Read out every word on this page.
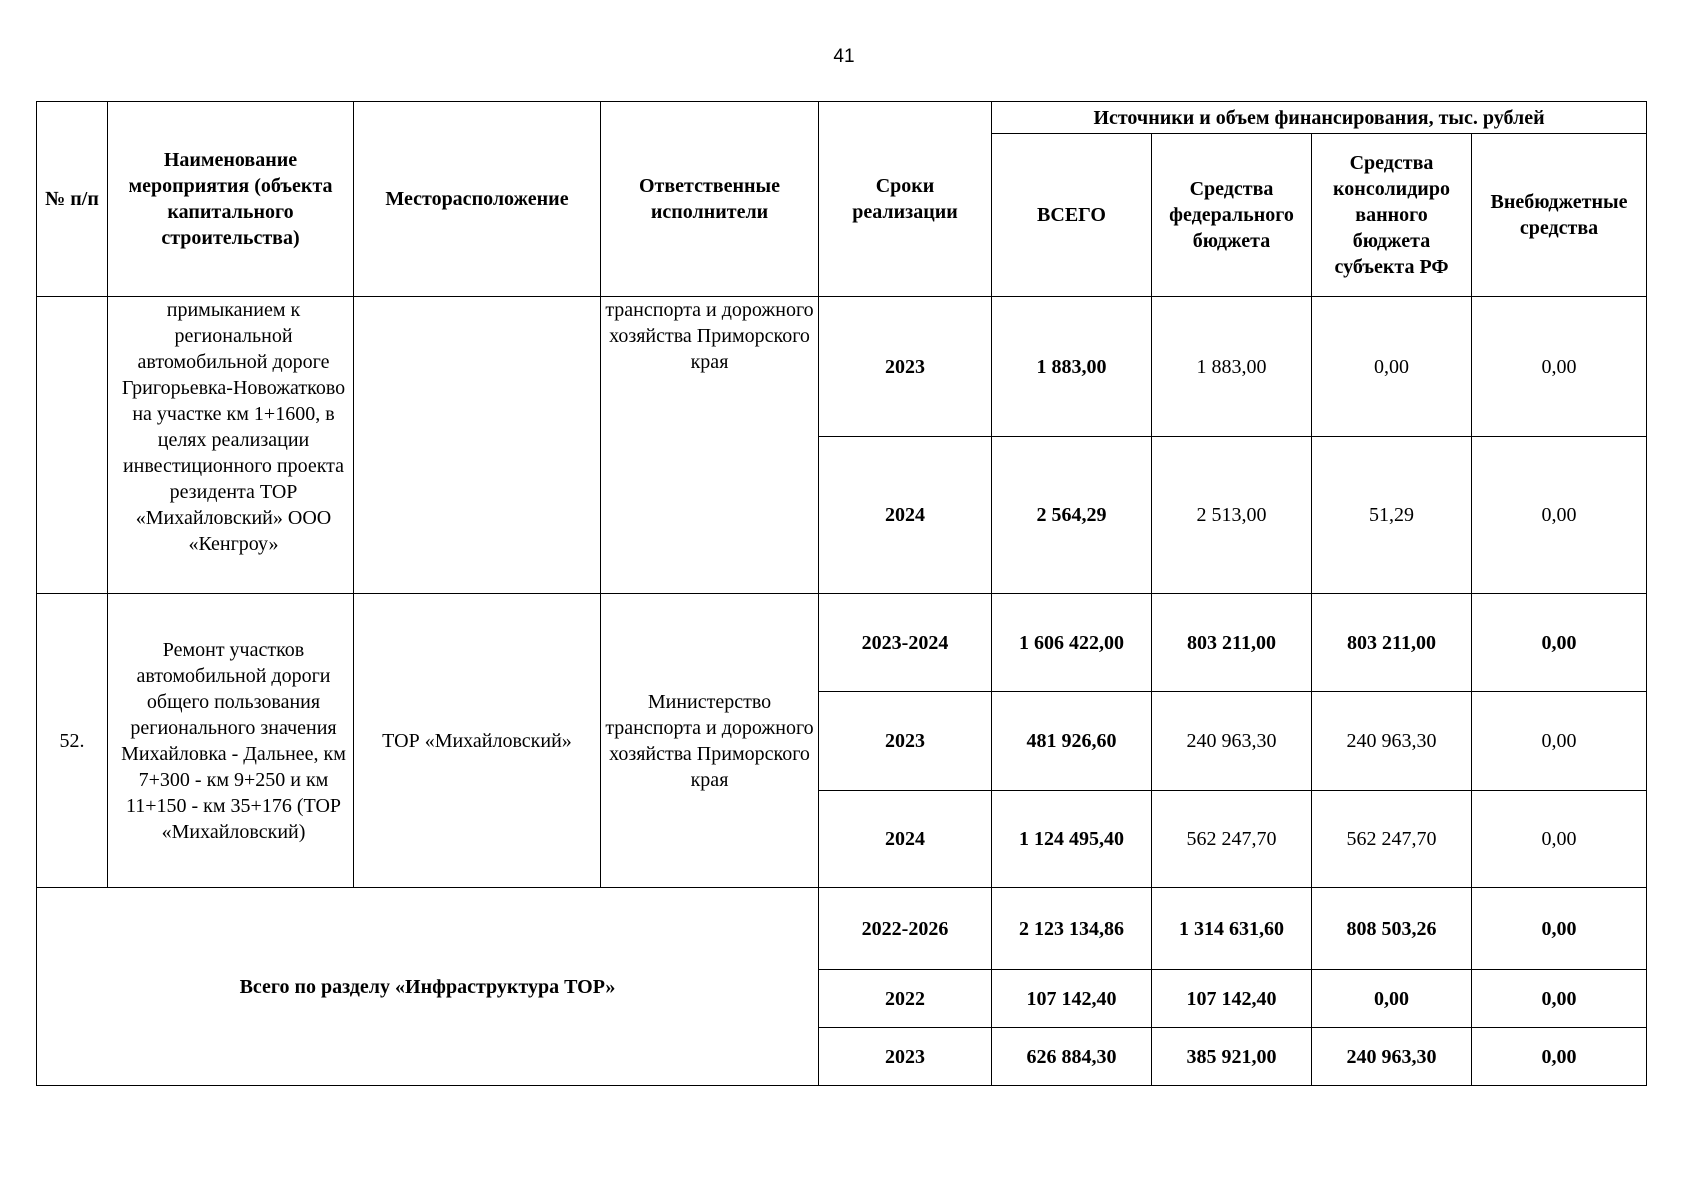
41
№ п/п	Наименование мероприятия (объекта капитального строительства)	Месторасположение	Ответственные исполнители	Сроки реализации	Источники и объем финансирования, тыс. рублей			
					ВСЕГО	Средства федерального бюджета	Средства консолидиро ванного бюджета субъекта РФ	Внебюджетные средства
	примыканием к региональной автомобильной дороге Григорьевка-Новожатково на участке км 1+1600, в целях реализации инвестиционного проекта резидента ТОР «Михайловский» ООО «Кенгроу»		транспорта и дорожного хозяйства Приморского края	2023	1 883,00	1 883,00	0,00	0,00
				2024	2 564,29	2 513,00	51,29	0,00
52.	Ремонт участков автомобильной дороги общего пользования регионального значения Михайловка - Дальнее, км 7+300 - км 9+250 и км 11+150 - км 35+176 (ТОР «Михайловский)	ТОР «Михайловский»	Министерство транспорта и дорожного хозяйства Приморского края	2023-2024	1 606 422,00	803 211,00	803 211,00	0,00
				2023	481 926,60	240 963,30	240 963,30	0,00
				2024	1 124 495,40	562 247,70	562 247,70	0,00
Всего по разделу «Инфраструктура ТОР»				2022-2026	2 123 134,86	1 314 631,60	808 503,26	0,00
				2022	107 142,40	107 142,40	0,00	0,00
				2023	626 884,30	385 921,00	240 963,30	0,00
